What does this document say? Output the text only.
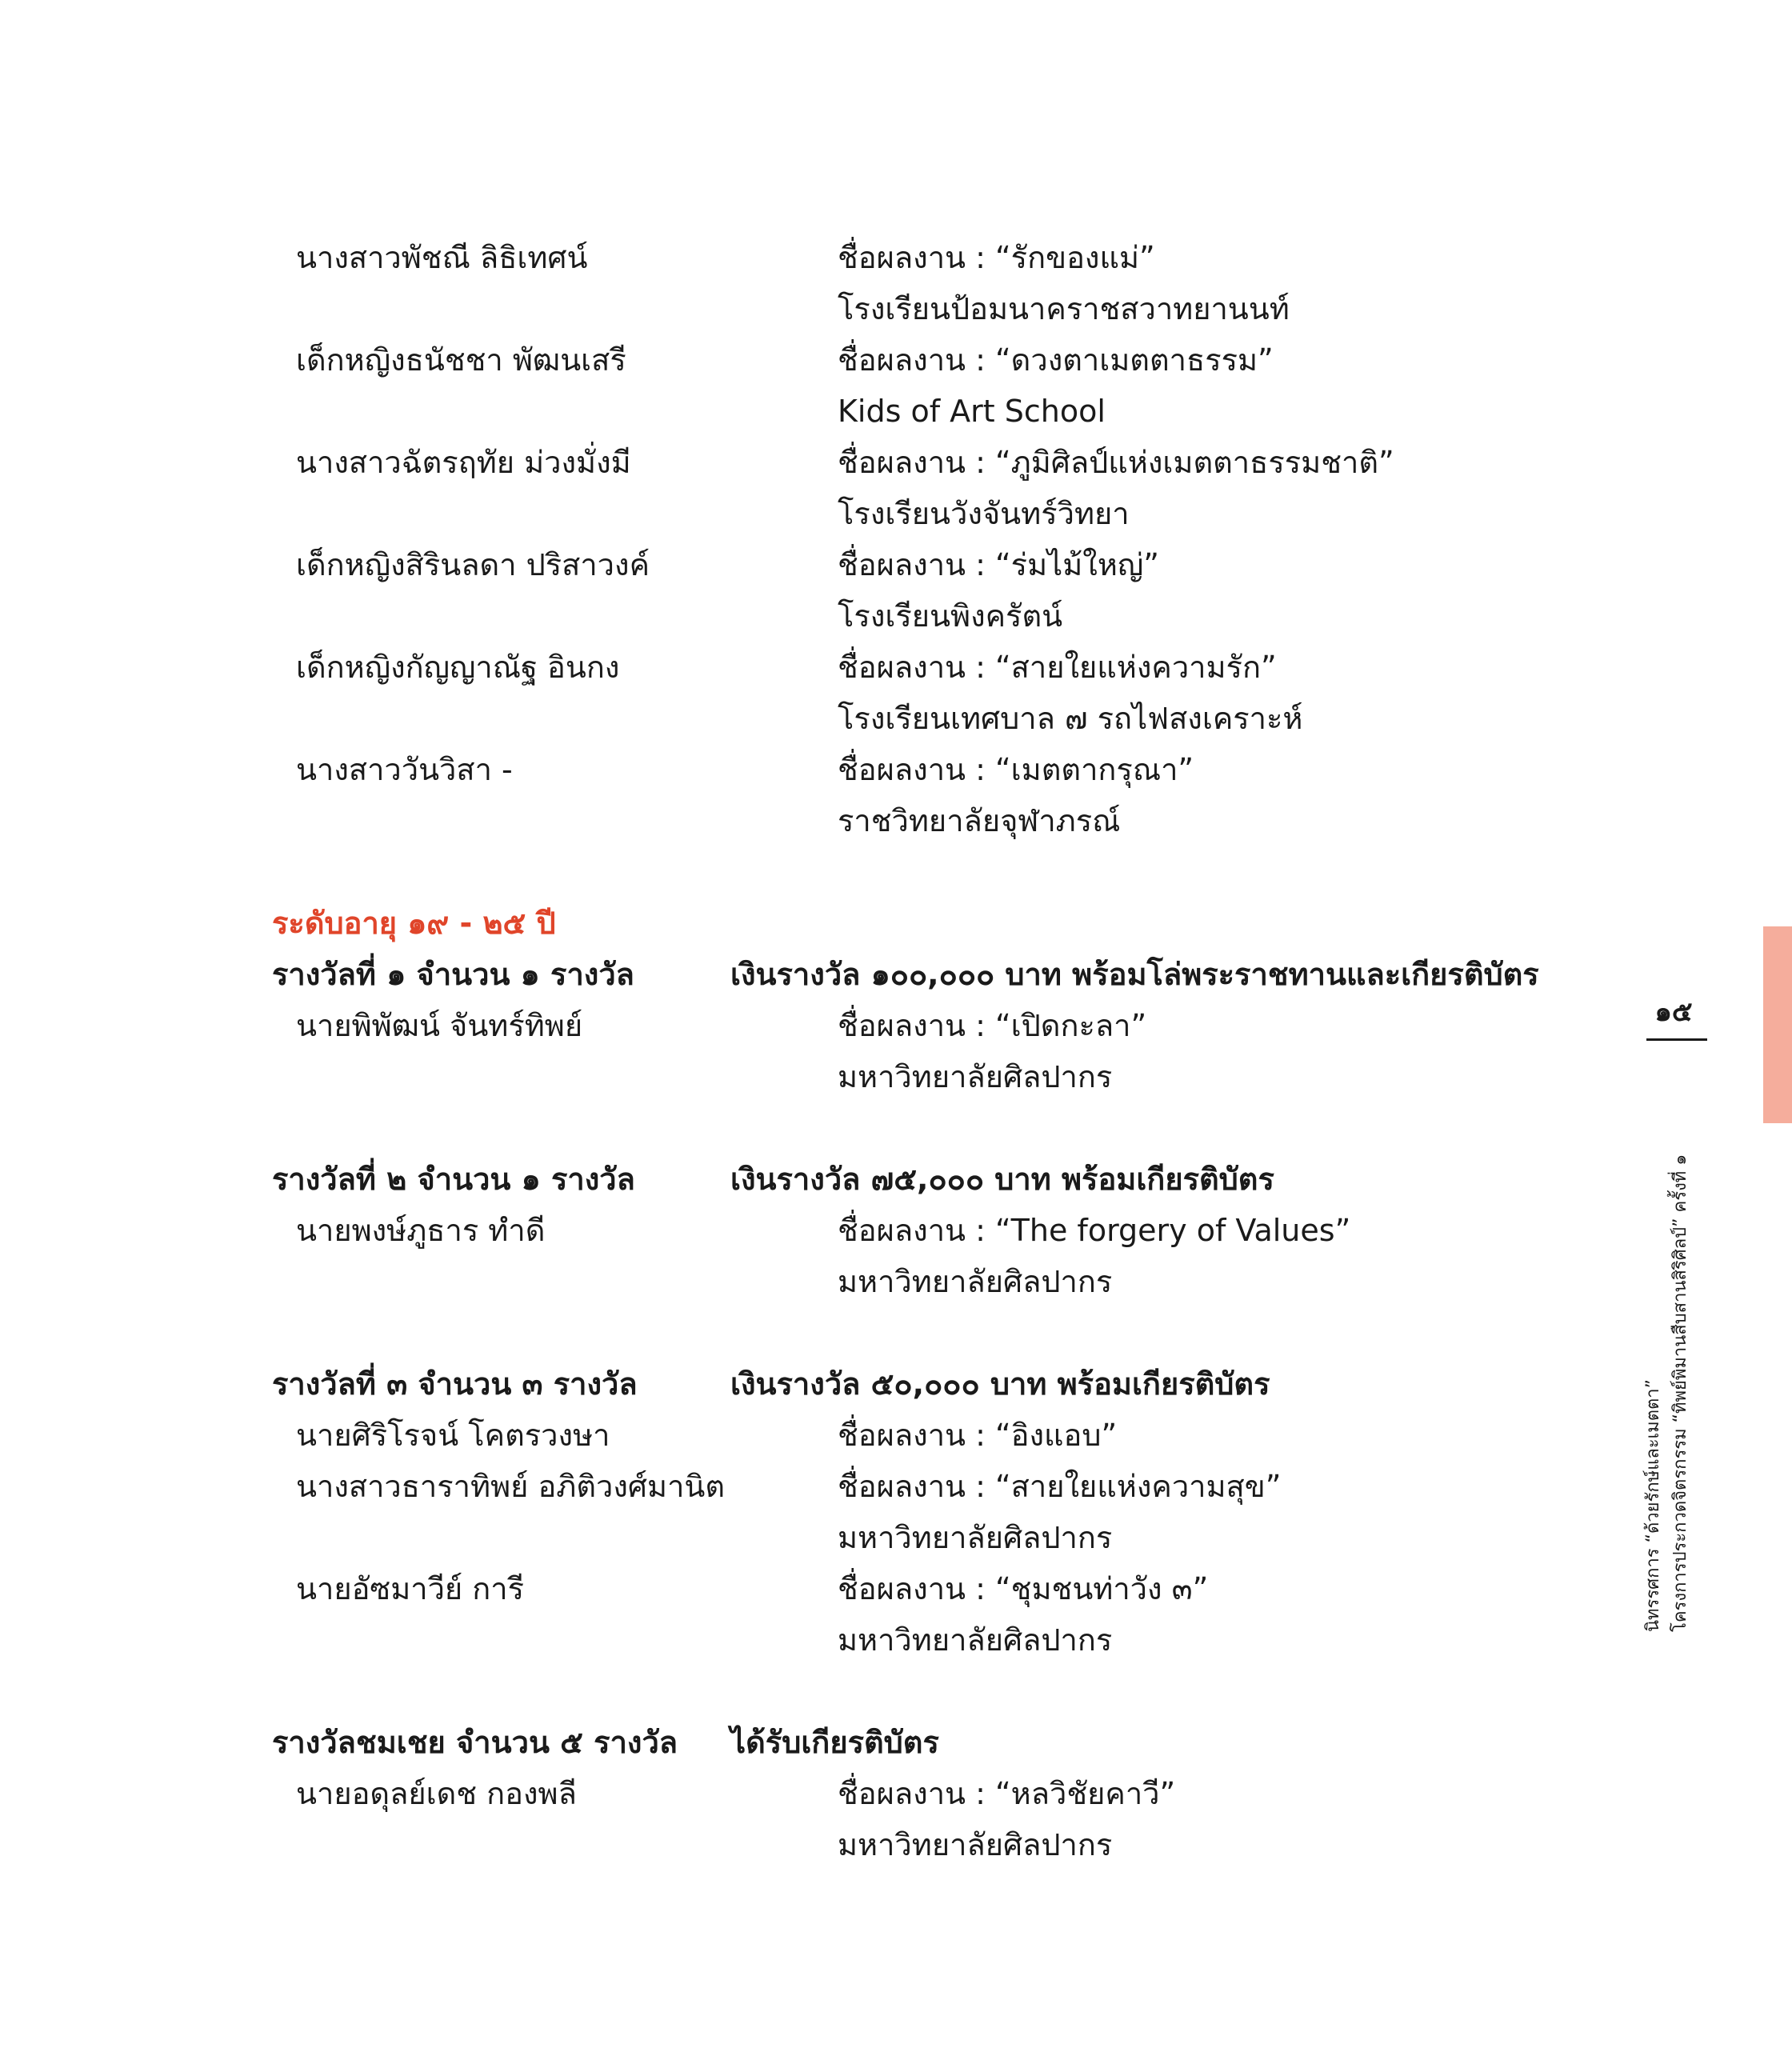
นางสาวพัชณี ลิธิเทศน์	ชื่อผลงาน : “รักของแม่”
โรงเรียนป้อมนาคราชสวาทยานนท์
เด็กหญิงธนัชชา พัฒนเสรี	ชื่อผลงาน : “ดวงตาเมตตาธรรม”
Kids of Art School
นางสาวฉัตรฤทัย ม่วงมั่งมี	ชื่อผลงาน : “ภูมิศิลป์แห่งเมตตาธรรมชาติ”
โรงเรียนวังจันทร์วิทยา
เด็กหญิงสิรินลดา ปริสาวงค์	ชื่อผลงาน : “ร่มไม้ใหญ่”
โรงเรียนพิงครัตน์
เด็กหญิงกัญญาณัฐ อินกง	ชื่อผลงาน : “สายใยแห่งความรัก”
โรงเรียนเทศบาล ๗ รถไฟสงเคราะห์
นางสาววันวิสา -	ชื่อผลงาน : “เมตตากรุณา”
ราชวิทยาลัยจุฬาภรณ์
ระดับอายุ ๑๙ - ๒๕ ปี
รางวัลที่ ๑ จำนวน ๑ รางวัล	เงินรางวัล ๑๐๐,๐๐๐ บาท พร้อมโล่พระราชทานและเกียรติบัตร
นายพิพัฒน์ จันทร์ทิพย์	ชื่อผลงาน : “เปิดกะลา”
มหาวิทยาลัยศิลปากร
รางวัลที่ ๒ จำนวน ๑ รางวัล	เงินรางวัล ๗๕,๐๐๐ บาท พร้อมเกียรติบัตร
นายพงษ์ภูธาร ทำดี	ชื่อผลงาน : “The forgery of Values”
มหาวิทยาลัยศิลปากร
รางวัลที่ ๓ จำนวน ๓ รางวัล	เงินรางวัล ๕๐,๐๐๐ บาท พร้อมเกียรติบัตร
นายศิริโรจน์ โคตรวงษา	ชื่อผลงาน : “อิงแอบ”
นางสาวธาราทิพย์ อภิติวงศ์มานิต	ชื่อผลงาน : “สายใยแห่งความสุข”
มหาวิทยาลัยศิลปากร
นายอัซมาวีย์ การี	ชื่อผลงาน : “ชุมชนท่าวัง ๓”
มหาวิทยาลัยศิลปากร
รางวัลชมเชย จำนวน ๕ รางวัล ได้รับเกียรติบัตร
นายอดุลย์เดช กองพลี	ชื่อผลงาน : “หลวิชัยคาวี”
มหาวิทยาลัยศิลปากร
๑๕
นิทรรศการ “ด้วยรักษ์และเมตตา” โครงการประกวดจิตรกรรม “ทิพย์พิมานสืบสานสิริศิลป์” ครั้งที่ ๑
